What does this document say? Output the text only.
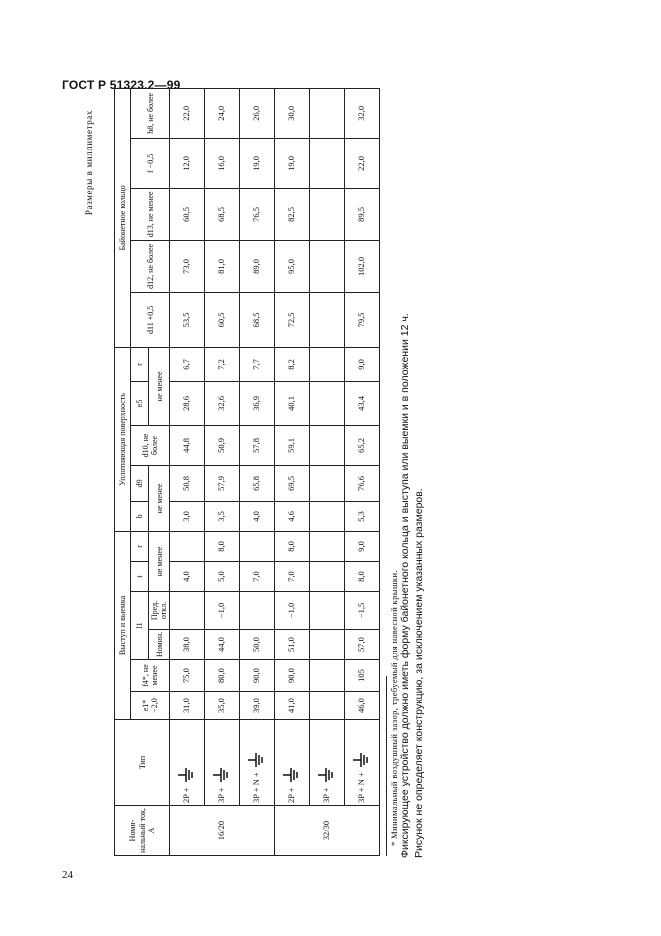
ГОСТ Р 51323.2—99
24
Размеры в миллиметрах
Номи-нальный ток, А	Тип	Выступ и выемка						Уплотняющая поверхность					Байонетное кольцо				
		e1* −2,0	f4*, не менее	l1		t	r	b	d9	d10, не более	e5	r	d11 +0,5	d12, не более	d13, не менее	f −0,5	h8, не более
				Номин.	Пред. откл.	не менее		не менее			не менее						
16/20	2P +	31,0	75,0	38,0		4,0		3,0	50,8	44,8	28,6	6,7	53,5	73,0	60,5	12,0	22,0
	3P +	35,0	80,0	44,0	−1,0	5,0	8,0	3,5	57,9	50,9	32,6	7,2	60,5	81,0	68,5	16,0	24,0
	3P + N +	39,0	90,0	50,0		7,0		4,0	65,8	57,8	36,9	7,7	68,5	89,0	76,5	19,0	26,0
32/30	2P +	41,0	90,0	51,0	−1,0	7,0	8,0	4,6	69,5	59,1	40,1	8,2	72,5	95,0	82,5	19,0	30,0
	3P +																
	3P + N +	46,0	105	57,0	−1,5	8,0	9,0	5,3	76,6	65,2	43,4	9,0	79,5	102,0	89,5	22,0	32,0
* Минимальный воздушный зазор, требуемый для навесной крышки. Фиксирующее устройство должно иметь форму байонетного кольца и выступа или выемки и в положении 12 ч. Рисунок не определяет конструкцию, за исключением указанных размеров.
